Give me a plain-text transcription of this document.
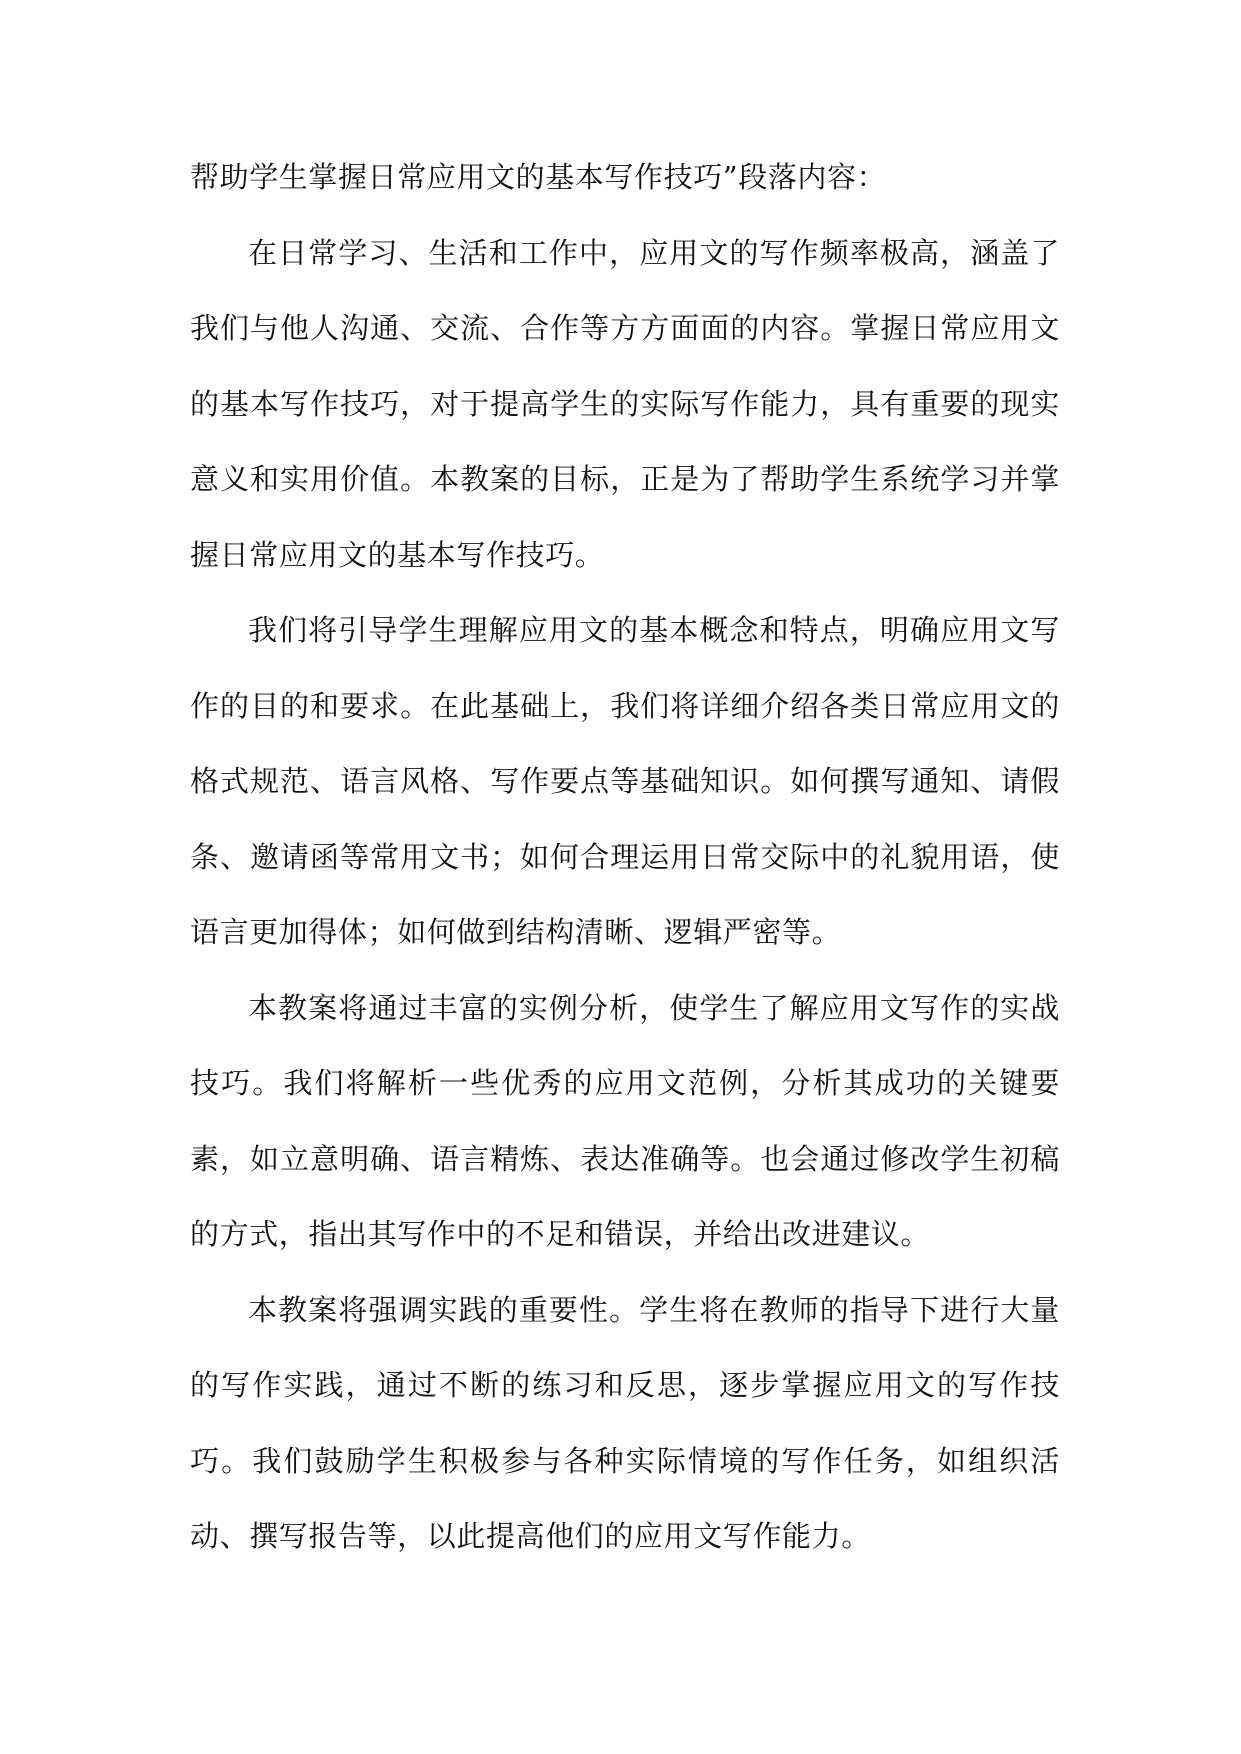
帮助学生掌握日常应用文的基本写作技巧”段落内容：

在日常学习、生活和工作中，应用文的写作频率极高，涵盖了我们与他人沟通、交流、合作等方方面面的内容。掌握日常应用文的基本写作技巧，对于提高学生的实际写作能力，具有重要的现实意义和实用价值。本教案的目标，正是为了帮助学生系统学习并掌握日常应用文的基本写作技巧。

我们将引导学生理解应用文的基本概念和特点，明确应用文写作的目的和要求。在此基础上，我们将详细介绍各类日常应用文的格式规范、语言风格、写作要点等基础知识。如何撰写通知、请假条、邀请函等常用文书；如何合理运用日常交际中的礼貌用语，使语言更加得体；如何做到结构清晰、逻辑严密等。

本教案将通过丰富的实例分析，使学生了解应用文写作的实战技巧。我们将解析一些优秀的应用文范例，分析其成功的关键要素，如立意明确、语言精炼、表达准确等。也会通过修改学生初稿的方式，指出其写作中的不足和错误，并给出改进建议。

本教案将强调实践的重要性。学生将在教师的指导下进行大量的写作实践，通过不断的练习和反思，逐步掌握应用文的写作技巧。我们鼓励学生积极参与各种实际情境的写作任务，如组织活动、撰写报告等，以此提高他们的应用文写作能力。
